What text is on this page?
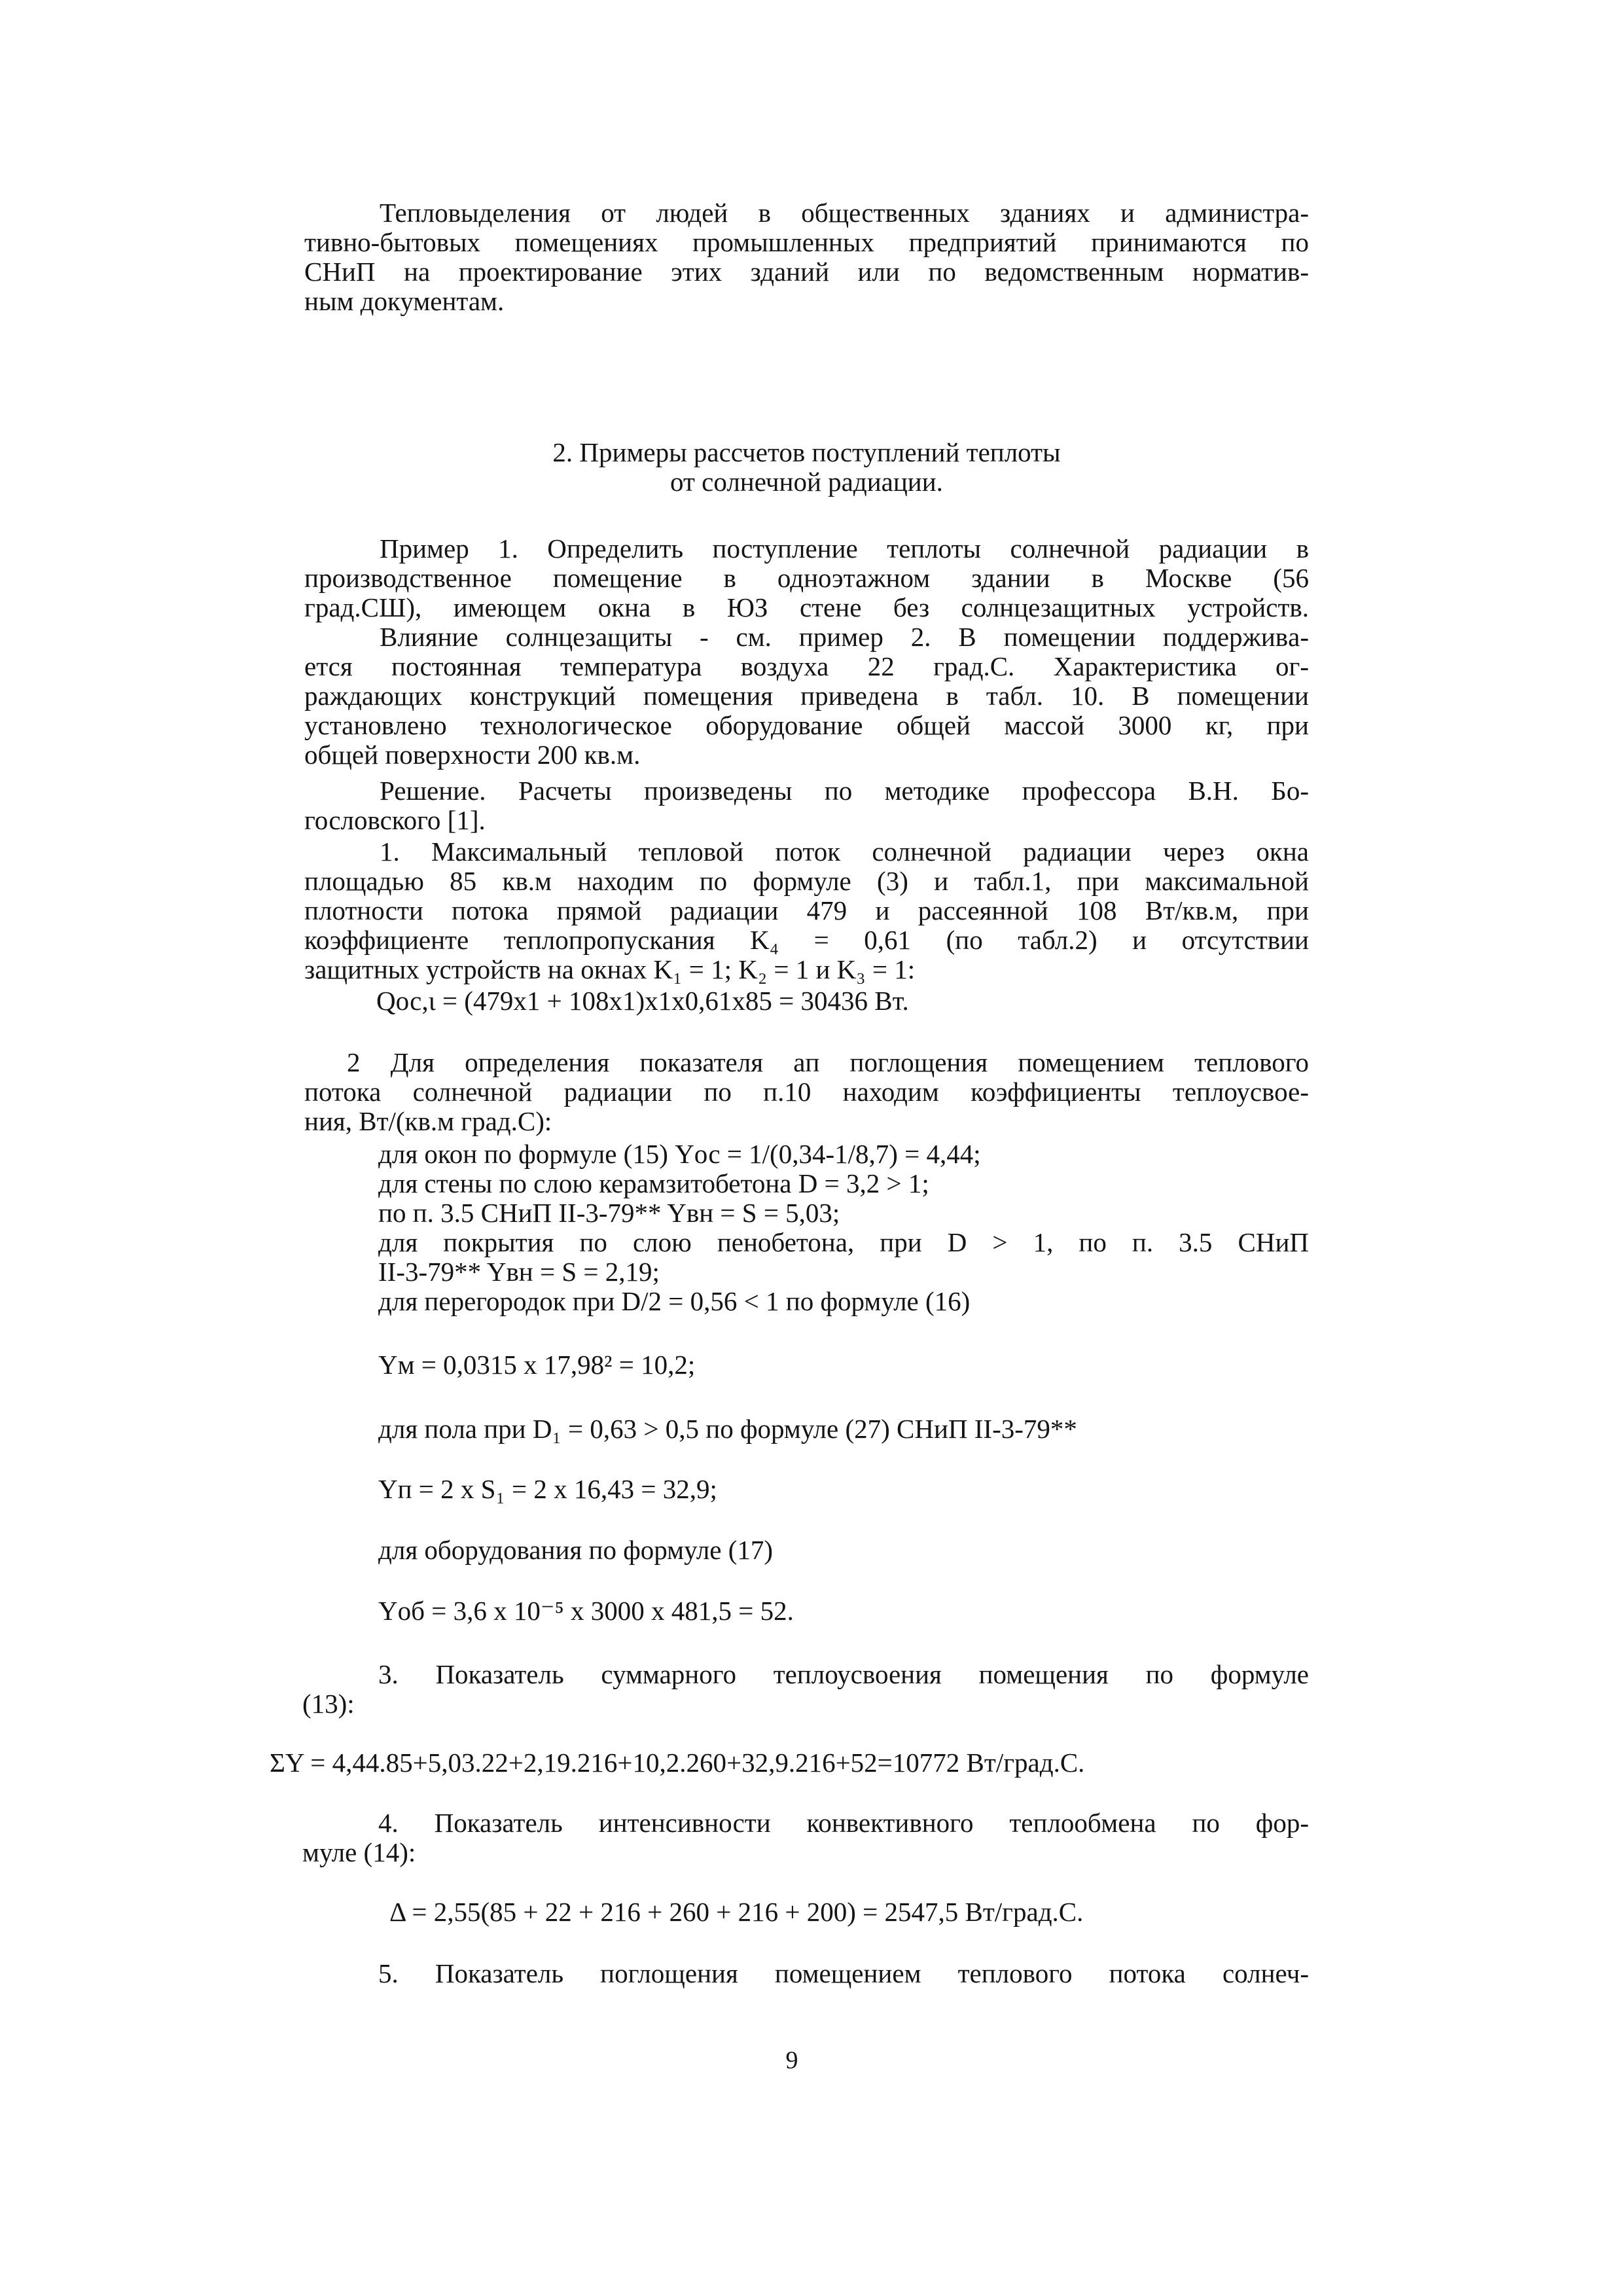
Тепловыделения от людей в общественных зданиях и администра-
тивно-бытовых помещениях промышленных предприятий принимаются по
СНиП на проектирование этих зданий или по ведомственным норматив-
ным документам.
2. Примеры рассчетов поступлений теплоты
от солнечной радиации.
Пример 1. Определить поступление теплоты солнечной радиации в
производственное помещение в одноэтажном здании в Москве (56
град.СШ), имеющем окна в ЮЗ стене без солнцезащитных устройств.
Влияние солнцезащиты - см. пример 2. В помещении поддерживa-
ется постоянная температура воздуха 22 град.С. Характеристика ог-
раждающих конструкций помещения приведена в табл. 10. В помещении
установлено технологическое оборудование общей массой 3000 кг, при
общей поверхности 200 кв.м.
Решение. Расчеты произведены по методике профессора В.Н. Бо-
гословского [1].
1. Максимальный тепловой поток солнечной радиации через окна
площадью 85 кв.м находим по формуле (3) и табл.1, при максимальной
плотности потока прямой радиации 479 и рассеянной 108 Вт/кв.м, при
коэффициенте теплопропускания K₄ = 0,61 (по табл.2) и отсутствии
защитных устройств на окнах K₁ = 1; K₂ = 1 и K₃ = 1:
Qос,ι = (479x1 + 108x1)x1x0,61x85 = 30436 Вт.
2 Для определения показателя aп поглощения помещением теплового
потока солнечной радиации по п.10 находим коэффициенты теплоусвое-
ния, Вт/(кв.м град.С):
для окон по формуле (15) Yос = 1/(0,34-1/8,7) = 4,44;
для стены по слою керамзитобетона D = 3,2 > 1;
по п. 3.5 СНиП II-3-79** Yвн = S = 5,03;
для покрытия по слою пенобетона, при D > 1, по п. 3.5 СНиП
II-3-79** Yвн = S = 2,19;
для перегородок при D/2 = 0,56 < 1 по формуле (16)
Yм = 0,0315 x 17,98² = 10,2;
для пола при D₁ = 0,63 > 0,5 по формуле (27) СНиП II-3-79**
Yп = 2 x S₁ = 2 x 16,43 = 32,9;
для оборудования по формуле (17)
Yоб = 3,6 x 10⁻⁵ x 3000 x 481,5 = 52.
3. Показатель суммарного теплоусвоения помещения по формуле
(13):
ΣY = 4,44.85+5,03.22+2,19.216+10,2.260+32,9.216+52=10772 Вт/град.С.
4. Показатель интенсивности конвективного теплообмена по фор-
муле (14):
Δ = 2,55(85 + 22 + 216 + 260 + 216 + 200) = 2547,5 Вт/град.С.
5. Показатель поглощения помещением теплового потока солнеч-
9
